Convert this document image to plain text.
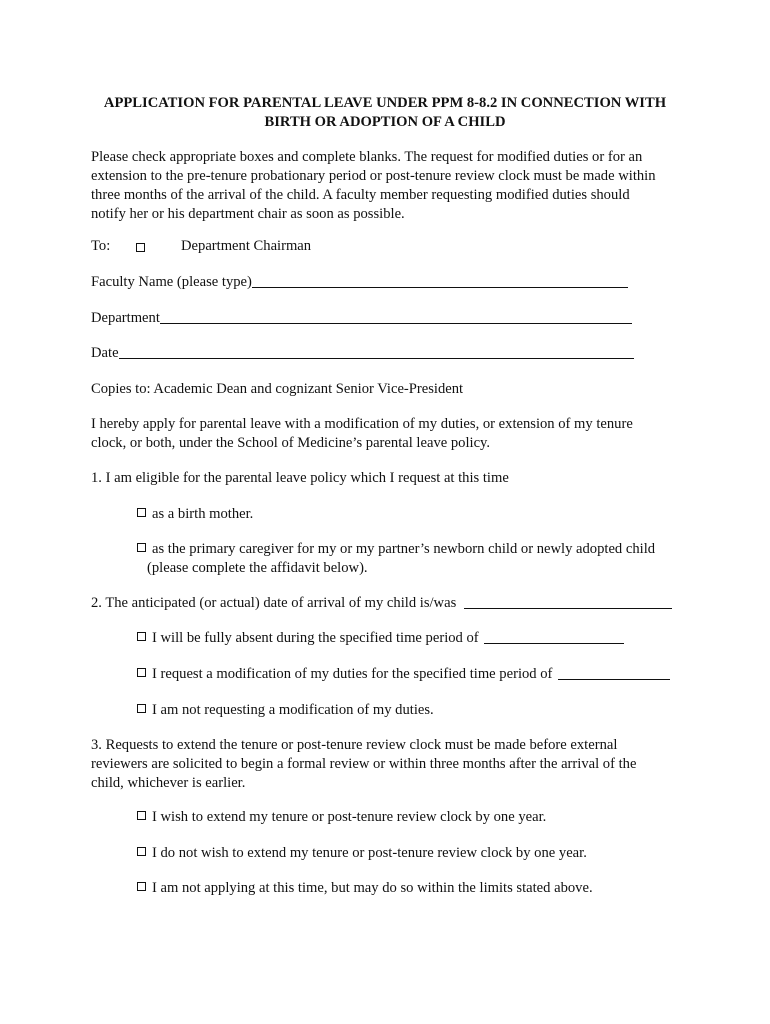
APPLICATION FOR PARENTAL LEAVE UNDER PPM 8-8.2 IN CONNECTION WITH
BIRTH OR ADOPTION OF A CHILD
Please check appropriate boxes and complete blanks. The request for modified duties or for an
extension to the pre-tenure probationary period or post-tenure review clock must be made within
three months of the arrival of the child. A faculty member requesting modified duties should
notify her or his department chair as soon as possible.
To:	Department Chairman
Faculty Name (please type)
Department
Date
Copies to: Academic Dean and cognizant Senior Vice-President
I hereby apply for parental leave with a modification of my duties, or extension of my tenure
clock, or both, under the School of Medicine’s parental leave policy.
1. I am eligible for the parental leave policy which I request at this time
as a birth mother.
as the primary caregiver for my or my partner’s newborn child or newly adopted child
(please complete the affidavit below).
2. The anticipated (or actual) date of arrival of my child is/was
I will be fully absent during the specified time period of
I request a modification of my duties for the specified time period of
I am not requesting a modification of my duties.
3. Requests to extend the tenure or post-tenure review clock must be made before external
reviewers are solicited to begin a formal review or within three months after the arrival of the
child, whichever is earlier.
I wish to extend my tenure or post-tenure review clock by one year.
I do not wish to extend my tenure or post-tenure review clock by one year.
I am not applying at this time, but may do so within the limits stated above.
